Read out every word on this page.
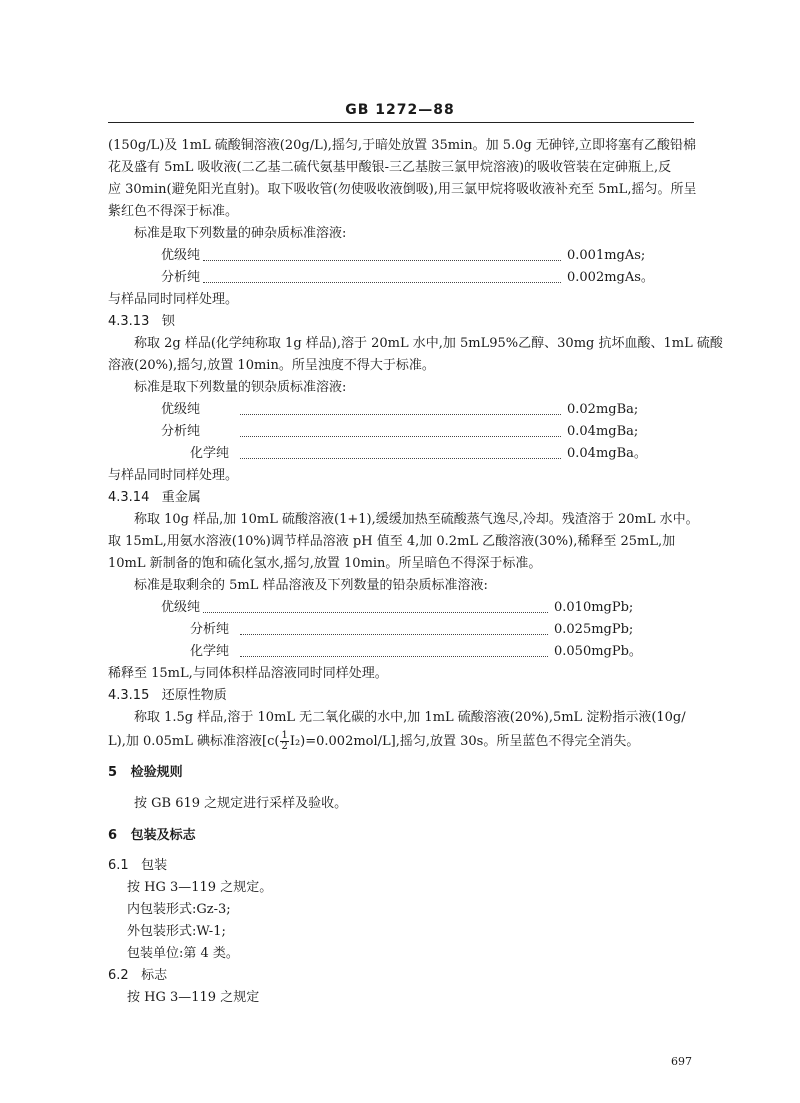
GB 1272—88
(150g/L)及 1mL 硫酸铜溶液(20g/L),摇匀,于暗处放置 35min。加 5.0g 无砷锌,立即将塞有乙酸铅棉
花及盛有 5mL 吸收液(二乙基二硫代氨基甲酸银-三乙基胺三氯甲烷溶液)的吸收管装在定砷瓶上,反
应 30min(避免阳光直射)。取下吸收管(勿使吸收液倒吸),用三氯甲烷将吸收液补充至 5mL,摇匀。所呈
紫红色不得深于标准。
标准是取下列数量的砷杂质标准溶液:
优级纯	0.001mgAs;
分析纯	0.002mgAs。
与样品同时同样处理。
4.3.13 钡
称取 2g 样品(化学纯称取 1g 样品),溶于 20mL 水中,加 5mL95%乙醇、30mg 抗坏血酸、1mL 硫酸
溶液(20%),摇匀,放置 10min。所呈浊度不得大于标准。
标准是取下列数量的钡杂质标准溶液:
优级纯	0.02mgBa;
分析纯	0.04mgBa;
化学纯	0.04mgBa。
与样品同时同样处理。
4.3.14 重金属
称取 10g 样品,加 10mL 硫酸溶液(1+1),缓缓加热至硫酸蒸气逸尽,冷却。残渣溶于 20mL 水中。
取 15mL,用氨水溶液(10%)调节样品溶液 pH 值至 4,加 0.2mL 乙酸溶液(30%),稀释至 25mL,加
10mL 新制备的饱和硫化氢水,摇匀,放置 10min。所呈暗色不得深于标准。
标准是取剩余的 5mL 样品溶液及下列数量的铅杂质标准溶液:
优级纯	0.010mgPb;
分析纯	0.025mgPb;
化学纯	0.050mgPb。
稀释至 15mL,与同体积样品溶液同时同样处理。
4.3.15 还原性物质
称取 1.5g 样品,溶于 10mL 无二氧化碳的水中,加 1mL 硫酸溶液(20%),5mL 淀粉指示液(10g/
L),加 0.05mL 碘标准溶液$[c( \frac{1}{2} I_2)=0.002mol/L]$,摇匀,放置 30s。所呈蓝色不得完全消失。
5 检验规则
按 GB 619 之规定进行采样及验收。
6 包装及标志
6.1 包装
按 HG 3—119 之规定。
内包装形式:Gz-3;
外包装形式:W-1;
包装单位:第 4 类。
6.2 标志
按 HG 3—119 之规定
697
